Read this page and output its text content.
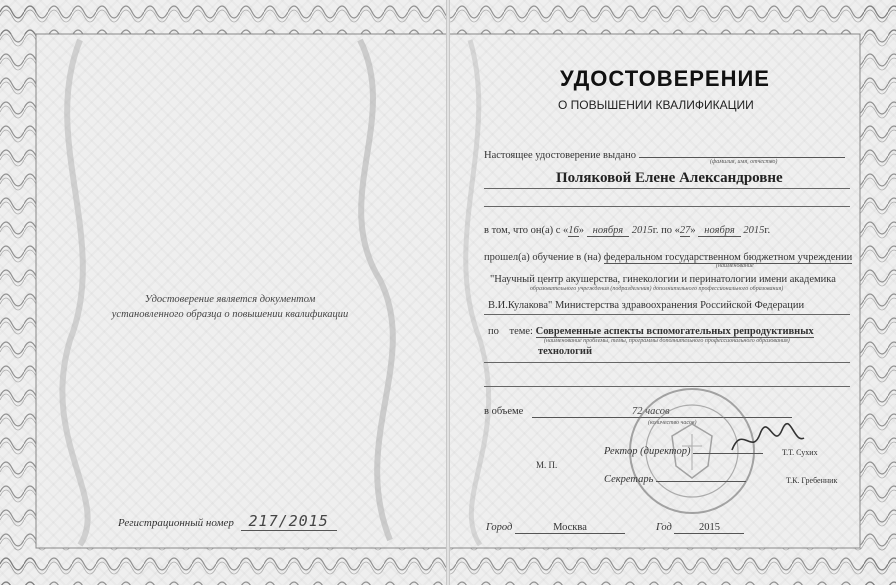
Удостоверение является документом
установленного образца о повышении квалификации
Регистрационный номер 217/2015
УДОСТОВЕРЕНИЕ
О ПОВЫШЕНИИ КВАЛИФИКАЦИИ
Настоящее удостоверение выдано
(фамилия, имя, отчество)
Поляковой Елене Александровне
в том, что он(а) с «16» ноября 2015г. по «27» ноября 2015г.
прошел(а) обучение в (на) федеральном государственном бюджетном учреждении
(наименование
"Научный центр акушерства, гинекологии и перинатологии имени академика
образовательного учреждения (подразделения) дополнительного профессионального образования)
В.И.Кулакова" Министерства здравоохранения Российской Федерации
по теме: Современные аспекты вспомогательных репродуктивных
(наименование проблемы, темы, программы дополнительного профессионального образования)
технологий
в объеме	72 часов
(количество часов)
М. П.
Ректор (директор)	Т.Т. Сухих
Секретарь	Т.К. Гребенник
Город	Москва	Год	2015
